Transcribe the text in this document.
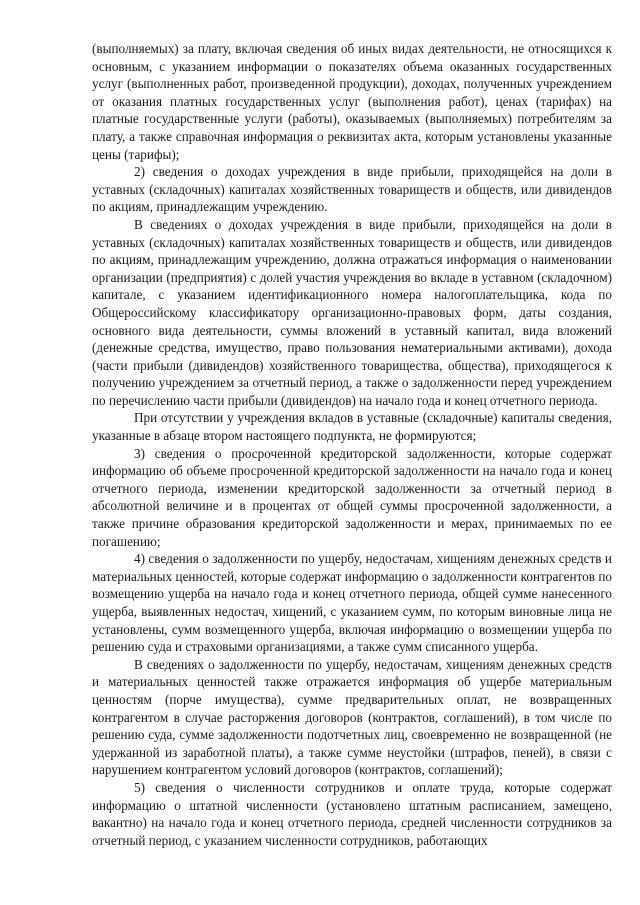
(выполняемых) за плату, включая сведения об иных видах деятельности, не относящихся к основным, с указанием информации о показателях объема оказанных государственных услуг (выполненных работ, произведенной продукции), доходах, полученных учреждением от оказания платных государственных услуг (выполнения работ), ценах (тарифах) на платные государственные услуги (работы), оказываемых (выполняемых) потребителям за плату, а также справочная информация о реквизитах акта, которым установлены указанные цены (тарифы);

2) сведения о доходах учреждения в виде прибыли, приходящейся на доли в уставных (складочных) капиталах хозяйственных товариществ и обществ, или дивидендов по акциям, принадлежащим учреждению.

В сведениях о доходах учреждения в виде прибыли, приходящейся на доли в уставных (складочных) капиталах хозяйственных товариществ и обществ, или дивидендов по акциям, принадлежащим учреждению, должна отражаться информация о наименовании организации (предприятия) с долей участия учреждения во вкладе в уставном (складочном) капитале, с указанием идентификационного номера налогоплательщика, кода по Общероссийскому классификатору организационно-правовых форм, даты создания, основного вида деятельности, суммы вложений в уставный капитал, вида вложений (денежные средства, имущество, право пользования нематериальными активами), дохода (части прибыли (дивидендов) хозяйственного товарищества, общества), приходящегося к получению учреждением за отчетный период, а также о задолженности перед учреждением по перечислению части прибыли (дивидендов) на начало года и конец отчетного периода.

При отсутствии у учреждения вкладов в уставные (складочные) капиталы сведения, указанные в абзаце втором настоящего подпункта, не формируются;

3) сведения о просроченной кредиторской задолженности, которые содержат информацию об объеме просроченной кредиторской задолженности на начало года и конец отчетного периода, изменении кредиторской задолженности за отчетный период в абсолютной величине и в процентах от общей суммы просроченной задолженности, а также причине образования кредиторской задолженности и мерах, принимаемых по ее погашению;

4) сведения о задолженности по ущербу, недостачам, хищениям денежных средств и материальных ценностей, которые содержат информацию о задолженности контрагентов по возмещению ущерба на начало года и конец отчетного периода, общей сумме нанесенного ущерба, выявленных недостач, хищений, с указанием сумм, по которым виновные лица не установлены, сумм возмещенного ущерба, включая информацию о возмещении ущерба по решению суда и страховыми организациями, а также сумм списанного ущерба.

В сведениях о задолженности по ущербу, недостачам, хищениям денежных средств и материальных ценностей также отражается информация об ущербе материальным ценностям (порче имущества), сумме предварительных оплат, не возвращенных контрагентом в случае расторжения договоров (контрактов, соглашений), в том числе по решению суда, сумме задолженности подотчетных лиц, своевременно не возвращенной (не удержанной из заработной платы), а также сумме неустойки (штрафов, пеней), в связи с нарушением контрагентом условий договоров (контрактов, соглашений);

5) сведения о численности сотрудников и оплате труда, которые содержат информацию о штатной численности (установлено штатным расписанием, замещено, вакантно) на начало года и конец отчетного периода, средней численности сотрудников за отчетный период, с указанием численности сотрудников, работающих
